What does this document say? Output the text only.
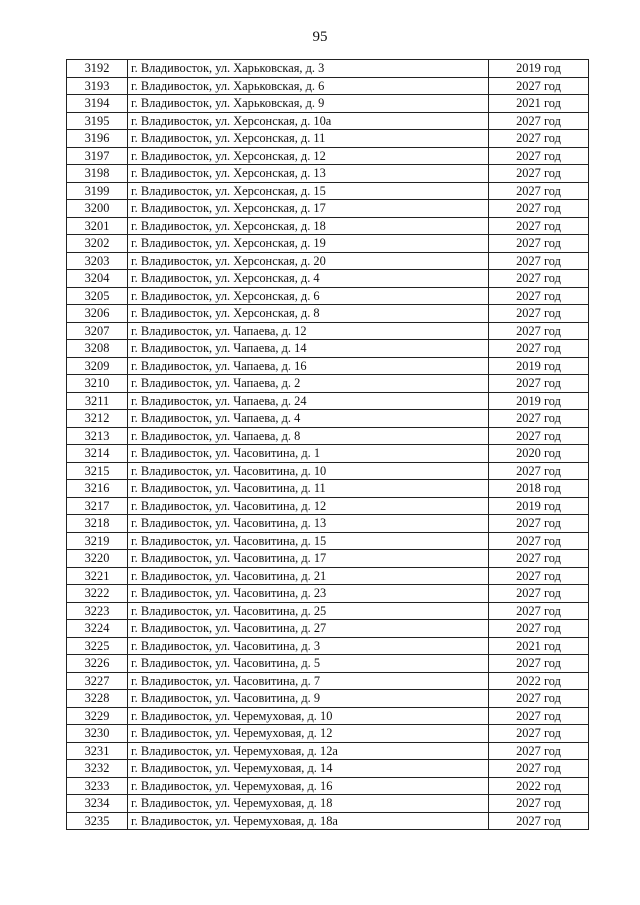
95
3192	г. Владивосток, ул. Харьковская, д. 3	2019 год
3193	г. Владивосток, ул. Харьковская, д. 6	2027 год
3194	г. Владивосток, ул. Харьковская, д. 9	2021 год
3195	г. Владивосток, ул. Херсонская, д. 10а	2027 год
3196	г. Владивосток, ул. Херсонская, д. 11	2027 год
3197	г. Владивосток, ул. Херсонская, д. 12	2027 год
3198	г. Владивосток, ул. Херсонская, д. 13	2027 год
3199	г. Владивосток, ул. Херсонская, д. 15	2027 год
3200	г. Владивосток, ул. Херсонская, д. 17	2027 год
3201	г. Владивосток, ул. Херсонская, д. 18	2027 год
3202	г. Владивосток, ул. Херсонская, д. 19	2027 год
3203	г. Владивосток, ул. Херсонская, д. 20	2027 год
3204	г. Владивосток, ул. Херсонская, д. 4	2027 год
3205	г. Владивосток, ул. Херсонская, д. 6	2027 год
3206	г. Владивосток, ул. Херсонская, д. 8	2027 год
3207	г. Владивосток, ул. Чапаева, д. 12	2027 год
3208	г. Владивосток, ул. Чапаева, д. 14	2027 год
3209	г. Владивосток, ул. Чапаева, д. 16	2019 год
3210	г. Владивосток, ул. Чапаева, д. 2	2027 год
3211	г. Владивосток, ул. Чапаева, д. 24	2019 год
3212	г. Владивосток, ул. Чапаева, д. 4	2027 год
3213	г. Владивосток, ул. Чапаева, д. 8	2027 год
3214	г. Владивосток, ул. Часовитина, д. 1	2020 год
3215	г. Владивосток, ул. Часовитина, д. 10	2027 год
3216	г. Владивосток, ул. Часовитина, д. 11	2018 год
3217	г. Владивосток, ул. Часовитина, д. 12	2019 год
3218	г. Владивосток, ул. Часовитина, д. 13	2027 год
3219	г. Владивосток, ул. Часовитина, д. 15	2027 год
3220	г. Владивосток, ул. Часовитина, д. 17	2027 год
3221	г. Владивосток, ул. Часовитина, д. 21	2027 год
3222	г. Владивосток, ул. Часовитина, д. 23	2027 год
3223	г. Владивосток, ул. Часовитина, д. 25	2027 год
3224	г. Владивосток, ул. Часовитина, д. 27	2027 год
3225	г. Владивосток, ул. Часовитина, д. 3	2021 год
3226	г. Владивосток, ул. Часовитина, д. 5	2027 год
3227	г. Владивосток, ул. Часовитина, д. 7	2022 год
3228	г. Владивосток, ул. Часовитина, д. 9	2027 год
3229	г. Владивосток, ул. Черемуховая, д. 10	2027 год
3230	г. Владивосток, ул. Черемуховая, д. 12	2027 год
3231	г. Владивосток, ул. Черемуховая, д. 12а	2027 год
3232	г. Владивосток, ул. Черемуховая, д. 14	2027 год
3233	г. Владивосток, ул. Черемуховая, д. 16	2022 год
3234	г. Владивосток, ул. Черемуховая, д. 18	2027 год
3235	г. Владивосток, ул. Черемуховая, д. 18а	2027 год
